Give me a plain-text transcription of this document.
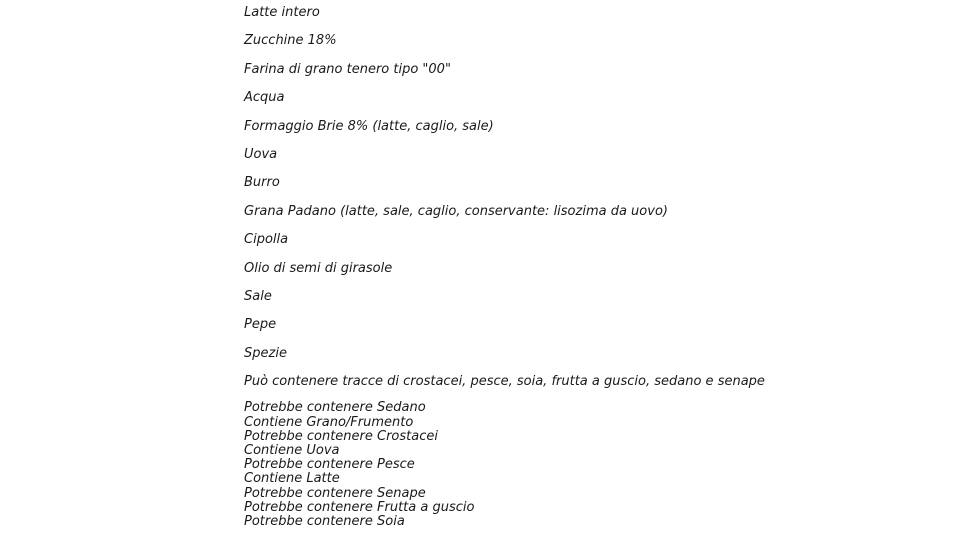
Latte intero
Zucchine 18%
Farina di grano tenero tipo "00"
Acqua
Formaggio Brie 8% (latte, caglio, sale)
Uova
Burro
Grana Padano (latte, sale, caglio, conservante: lisozima da uovo)
Cipolla
Olio di semi di girasole
Sale
Pepe
Spezie
Può contenere tracce di crostacei, pesce, soia, frutta a guscio, sedano e senape
Potrebbe contenere Sedano
Contiene Grano/Frumento
Potrebbe contenere Crostacei
Contiene Uova
Potrebbe contenere Pesce
Contiene Latte
Potrebbe contenere Senape
Potrebbe contenere Frutta a guscio
Potrebbe contenere Soia
